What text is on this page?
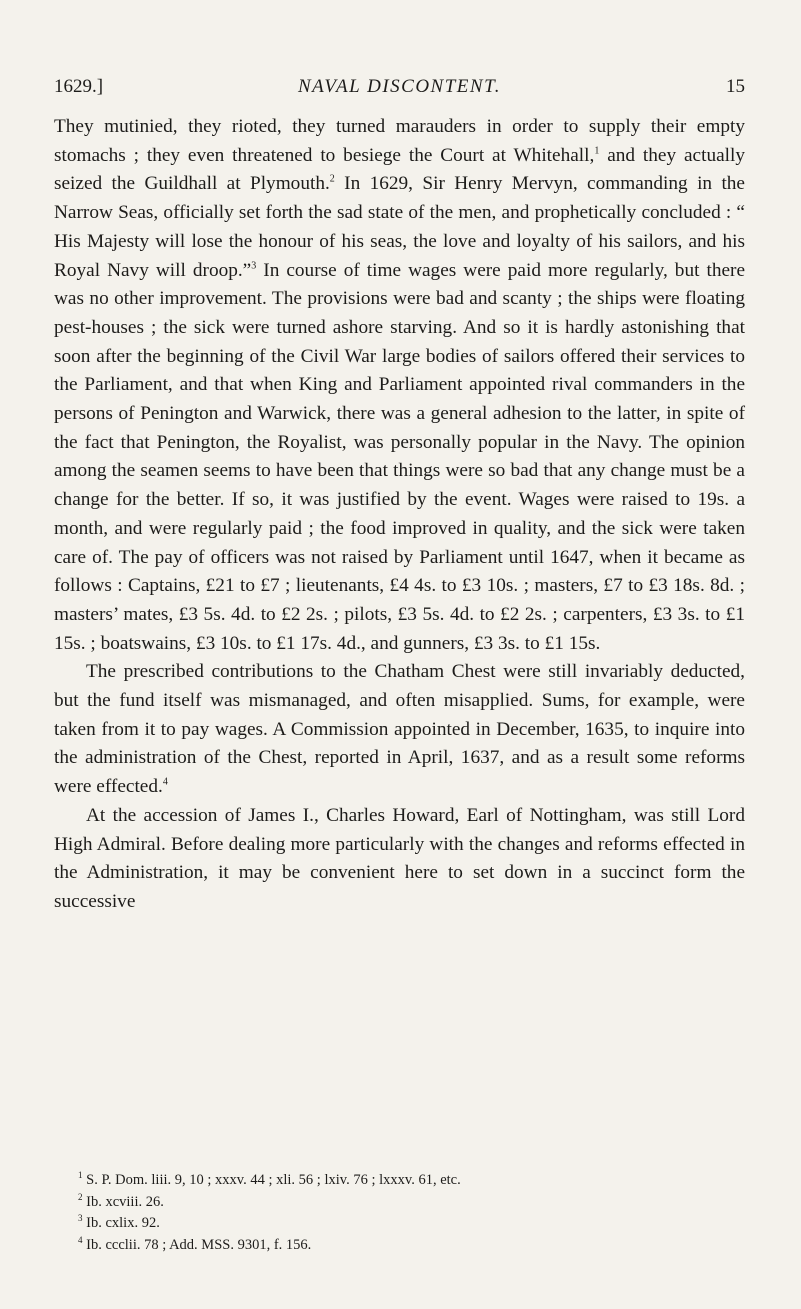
1629.]	NAVAL DISCONTENT.	15

They mutinied, they rioted, they turned marauders in order to supply their empty stomachs ; they even threatened to besiege the Court at Whitehall,$^1$ and they actually seized the Guildhall at Plymouth.$^2$ In 1629, Sir Henry Mervyn, commanding in the Narrow Seas, officially set forth the sad state of the men, and prophetically concluded : “ His Majesty will lose the honour of his seas, the love and loyalty of his sailors, and his Royal Navy will droop.”$^3$ In course of time wages were paid more regularly, but there was no other improvement. The provisions were bad and scanty ; the ships were floating pest-houses ; the sick were turned ashore starving. And so it is hardly astonishing that soon after the beginning of the Civil War large bodies of sailors offered their services to the Parliament, and that when King and Parliament appointed rival commanders in the persons of Penington and Warwick, there was a general adhesion to the latter, in spite of the fact that Penington, the Royalist, was personally popular in the Navy. The opinion among the seamen seems to have been that things were so bad that any change must be a change for the better. If so, it was justified by the event. Wages were raised to 19s. a month, and were regularly paid ; the food improved in quality, and the sick were taken care of. The pay of officers was not raised by Parliament until 1647, when it became as follows : Captains, £21 to £7 ; lieutenants, £4 4s. to £3 10s. ; masters, £7 to £3 18s. 8d. ; masters’ mates, £3 5s. 4d. to £2 2s. ; pilots, £3 5s. 4d. to £2 2s. ; carpenters, £3 3s. to £1 15s. ; boatswains, £3 10s. to £1 17s. 4d., and gunners, £3 3s. to £1 15s.

The prescribed contributions to the Chatham Chest were still invariably deducted, but the fund itself was mismanaged, and often misapplied. Sums, for example, were taken from it to pay wages. A Commission appointed in December, 1635, to inquire into the administration of the Chest, reported in April, 1637, and as a result some reforms were effected.$^4$

At the accession of James I., Charles Howard, Earl of Nottingham, was still Lord High Admiral. Before dealing more particularly with the changes and reforms effected in the Administration, it may be convenient here to set down in a succinct form the successive

$^1$ S. P. Dom. liii. 9, 10 ; xxxv. 44 ; xli. 56 ; lxiv. 76 ; lxxxv. 61, etc.
$^2$ Ib. xcviii. 26.
$^3$ Ib. cxlix. 92.
$^4$ Ib. ccclii. 78 ; Add. MSS. 9301, f. 156.
